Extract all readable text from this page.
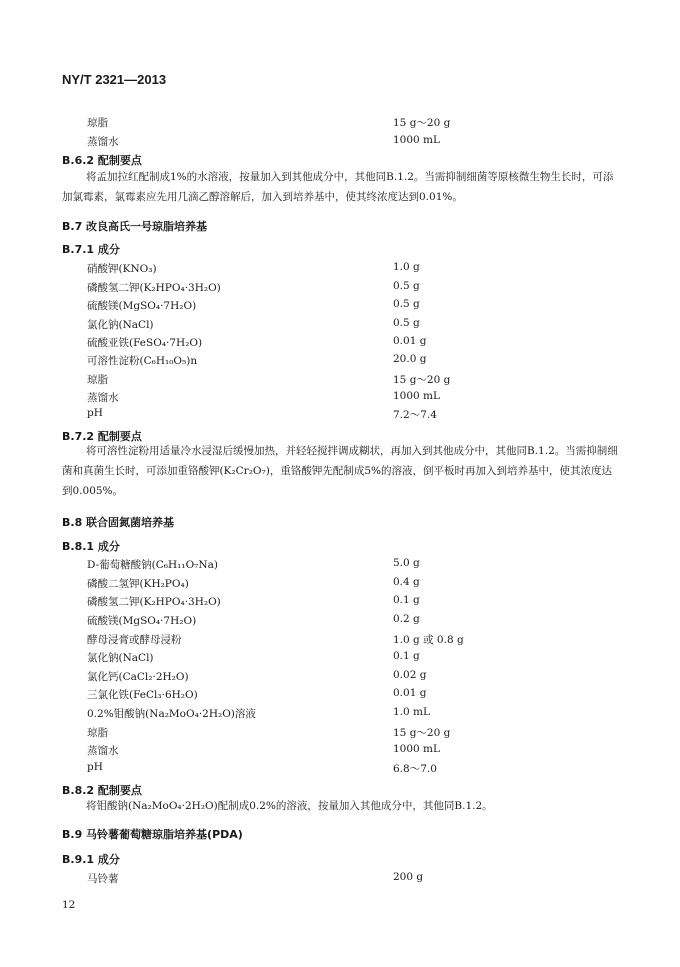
NY/T 2321—2013
琼脂	15 g～20 g
蒸馏水	1000 mL
B.6.2 配制要点
将孟加拉红配制成1%的水溶液，按量加入到其他成分中，其他同B.1.2。当需抑制细菌等原核微生物生长时，可添加氯霉素，氯霉素应先用几滴乙醇溶解后，加入到培养基中，使其终浓度达到0.01%。
B.7 改良高氏一号琼脂培养基
B.7.1 成分
硝酸钾(KNO₃)	1.0 g
磷酸氢二钾(K₂HPO₄·3H₂O)	0.5 g
硫酸镁(MgSO₄·7H₂O)	0.5 g
氯化钠(NaCl)	0.5 g
硫酸亚铁(FeSO₄·7H₂O)	0.01 g
可溶性淀粉(C₆H₁₀O₅)n	20.0 g
琼脂	15 g～20 g
蒸馏水	1000 mL
pH	7.2～7.4
B.7.2 配制要点
将可溶性淀粉用适量冷水浸湿后缓慢加热，并轻轻搅拌调成糊状，再加入到其他成分中，其他同B.1.2。当需抑制细菌和真菌生长时，可添加重铬酸钾(K₂Cr₂O₇)，重铬酸钾先配制成5%的溶液，倒平板时再加入到培养基中，使其浓度达到0.005%。
B.8 联合固氮菌培养基
B.8.1 成分
D-葡萄糖酸钠(C₆H₁₁O₇Na)	5.0 g
磷酸二氢钾(KH₂PO₄)	0.4 g
磷酸氢二钾(K₂HPO₄·3H₂O)	0.1 g
硫酸镁(MgSO₄·7H₂O)	0.2 g
酵母浸膏或酵母浸粉	1.0 g 或 0.8 g
氯化钠(NaCl)	0.1 g
氯化钙(CaCl₂·2H₂O)	0.02 g
三氯化铁(FeCl₃·6H₂O)	0.01 g
0.2%钼酸钠(Na₂MoO₄·2H₂O)溶液	1.0 mL
琼脂	15 g～20 g
蒸馏水	1000 mL
pH	6.8～7.0
B.8.2 配制要点
将钼酸钠(Na₂MoO₄·2H₂O)配制成0.2%的溶液，按量加入其他成分中，其他同B.1.2。
B.9 马铃薯葡萄糖琼脂培养基(PDA)
B.9.1 成分
马铃薯	200 g
12
